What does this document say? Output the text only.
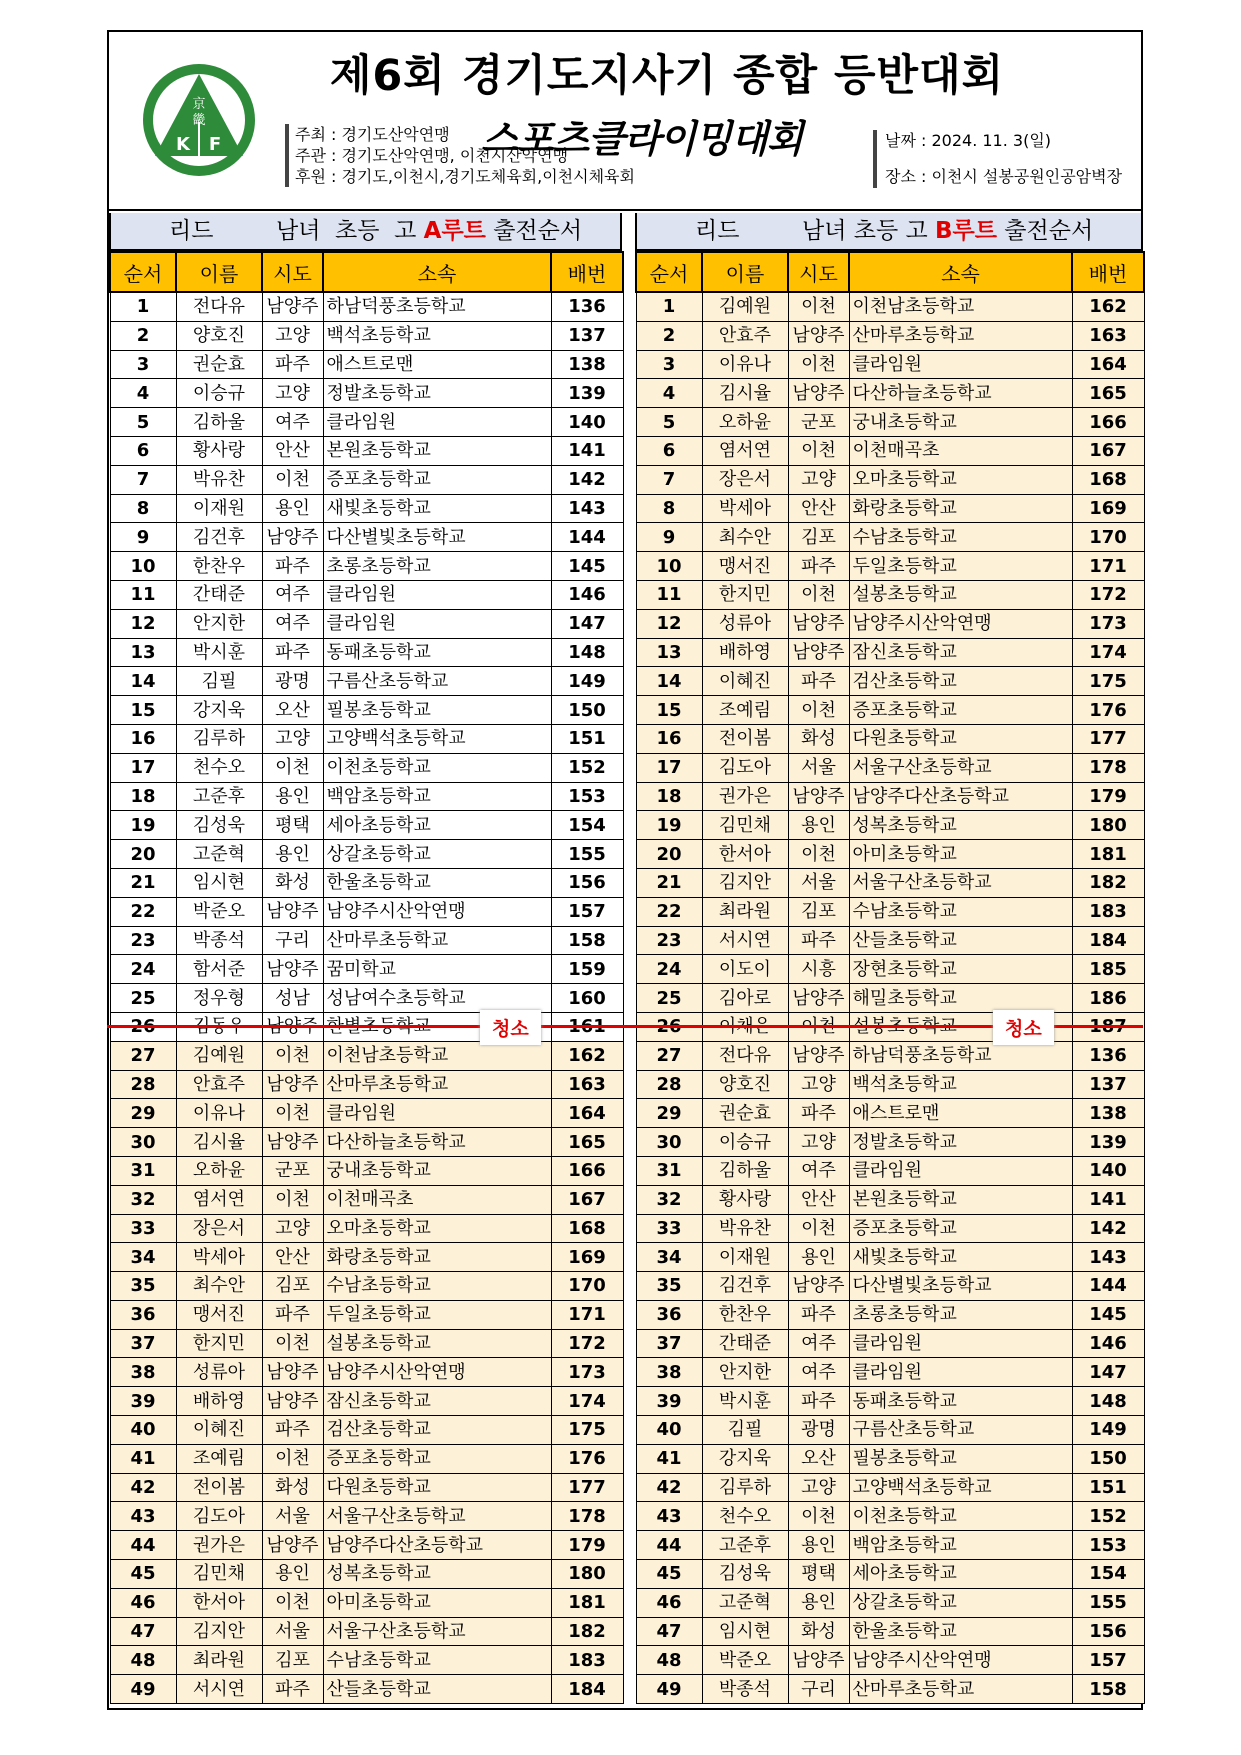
京
畿
K F
제6회 경기도지사기 종합 등반대회
스포츠클라이밍대회
주최 : 경기도산악연맹
주관 : 경기도산악연맹, 이천시산악연맹
후원 : 경기도,이천시,경기도체육회,이천시체육회
날짜 : 2024. 11. 3(일)
장소 : 이천시 설봉공원인공암벽장
리드	남녀  초등  고 A루트 출전순서
순서	이름	시도	소속	배번
1	전다유	남양주	하남덕풍초등학교	136
2	양호진	고양	백석초등학교	137
3	권순효	파주	애스트로맨	138
4	이승규	고양	정발초등학교	139
5	김하울	여주	클라임원	140
6	황사랑	안산	본원초등학교	141
7	박유찬	이천	증포초등학교	142
8	이재원	용인	새빛초등학교	143
9	김건후	남양주	다산별빛초등학교	144
10	한찬우	파주	초롱초등학교	145
11	간태준	여주	클라임원	146
12	안지한	여주	클라임원	147
13	박시훈	파주	동패초등학교	148
14	김필	광명	구름산초등학교	149
15	강지욱	오산	필봉초등학교	150
16	김루하	고양	고양백석초등학교	151
17	천수오	이천	이천초등학교	152
18	고준후	용인	백암초등학교	153
19	김성욱	평택	세아초등학교	154
20	고준혁	용인	상갈초등학교	155
21	임시현	화성	한울초등학교	156
22	박준오	남양주	남양주시산악연맹	157
23	박종석	구리	산마루초등학교	158
24	함서준	남양주	꿈미학교	159
25	정우형	성남	성남여수초등학교	160

27	김예원	이천	이천남초등학교	162
28	안효주	남양주	산마루초등학교	163
29	이유나	이천	클라임원	164
30	김시율	남양주	다산하늘초등학교	165
31	오하윤	군포	궁내초등학교	166
32	염서연	이천	이천매곡초	167
33	장은서	고양	오마초등학교	168
34	박세아	안산	화랑초등학교	169
35	최수안	김포	수남초등학교	170
36	맹서진	파주	두일초등학교	171
37	한지민	이천	설봉초등학교	172
38	성류아	남양주	남양주시산악연맹	173
39	배하영	남양주	잠신초등학교	174
40	이혜진	파주	검산초등학교	175
41	조예림	이천	증포초등학교	176
42	전이봄	화성	다원초등학교	177
43	김도아	서울	서울구산초등학교	178
44	권가은	남양주	남양주다산초등학교	179
45	김민채	용인	성복초등학교	180
46	한서아	이천	아미초등학교	181
47	김지안	서울	서울구산초등학교	182
48	최라원	김포	수남초등학교	183
49	서시연	파주	산들초등학교	184
리드	남녀 초등 고 B루트 출전순서
순서	이름	시도	소속	배번
1	김예원	이천	이천남초등학교	162
2	안효주	남양주	산마루초등학교	163
3	이유나	이천	클라임원	164
4	김시율	남양주	다산하늘초등학교	165
5	오하윤	군포	궁내초등학교	166
6	염서연	이천	이천매곡초	167
7	장은서	고양	오마초등학교	168
8	박세아	안산	화랑초등학교	169
9	최수안	김포	수남초등학교	170
10	맹서진	파주	두일초등학교	171
11	한지민	이천	설봉초등학교	172
12	성류아	남양주	남양주시산악연맹	173
13	배하영	남양주	잠신초등학교	174
14	이혜진	파주	검산초등학교	175
15	조예림	이천	증포초등학교	176
16	전이봄	화성	다원초등학교	177
17	김도아	서울	서울구산초등학교	178
18	권가은	남양주	남양주다산초등학교	179
19	김민채	용인	성복초등학교	180
20	한서아	이천	아미초등학교	181
21	김지안	서울	서울구산초등학교	182
22	최라원	김포	수남초등학교	183
23	서시연	파주	산들초등학교	184
24	이도이	시흥	장현초등학교	185
25	김아로	남양주	해밀초등학교	186

27	전다유	남양주	하남덕풍초등학교	136
28	양호진	고양	백석초등학교	137
29	권순효	파주	애스트로맨	138
30	이승규	고양	정발초등학교	139
31	김하울	여주	클라임원	140
32	황사랑	안산	본원초등학교	141
33	박유찬	이천	증포초등학교	142
34	이재원	용인	새빛초등학교	143
35	김건후	남양주	다산별빛초등학교	144
36	한찬우	파주	초롱초등학교	145
37	간태준	여주	클라임원	146
38	안지한	여주	클라임원	147
39	박시훈	파주	동패초등학교	148
40	김필	광명	구름산초등학교	149
41	강지욱	오산	필봉초등학교	150
42	김루하	고양	고양백석초등학교	151
43	천수오	이천	이천초등학교	152
44	고준후	용인	백암초등학교	153
45	김성욱	평택	세아초등학교	154
46	고준혁	용인	상갈초등학교	155
47	임시현	화성	한울초등학교	156
48	박준오	남양주	남양주시산악연맹	157
49	박종석	구리	산마루초등학교	158
청소	청소
